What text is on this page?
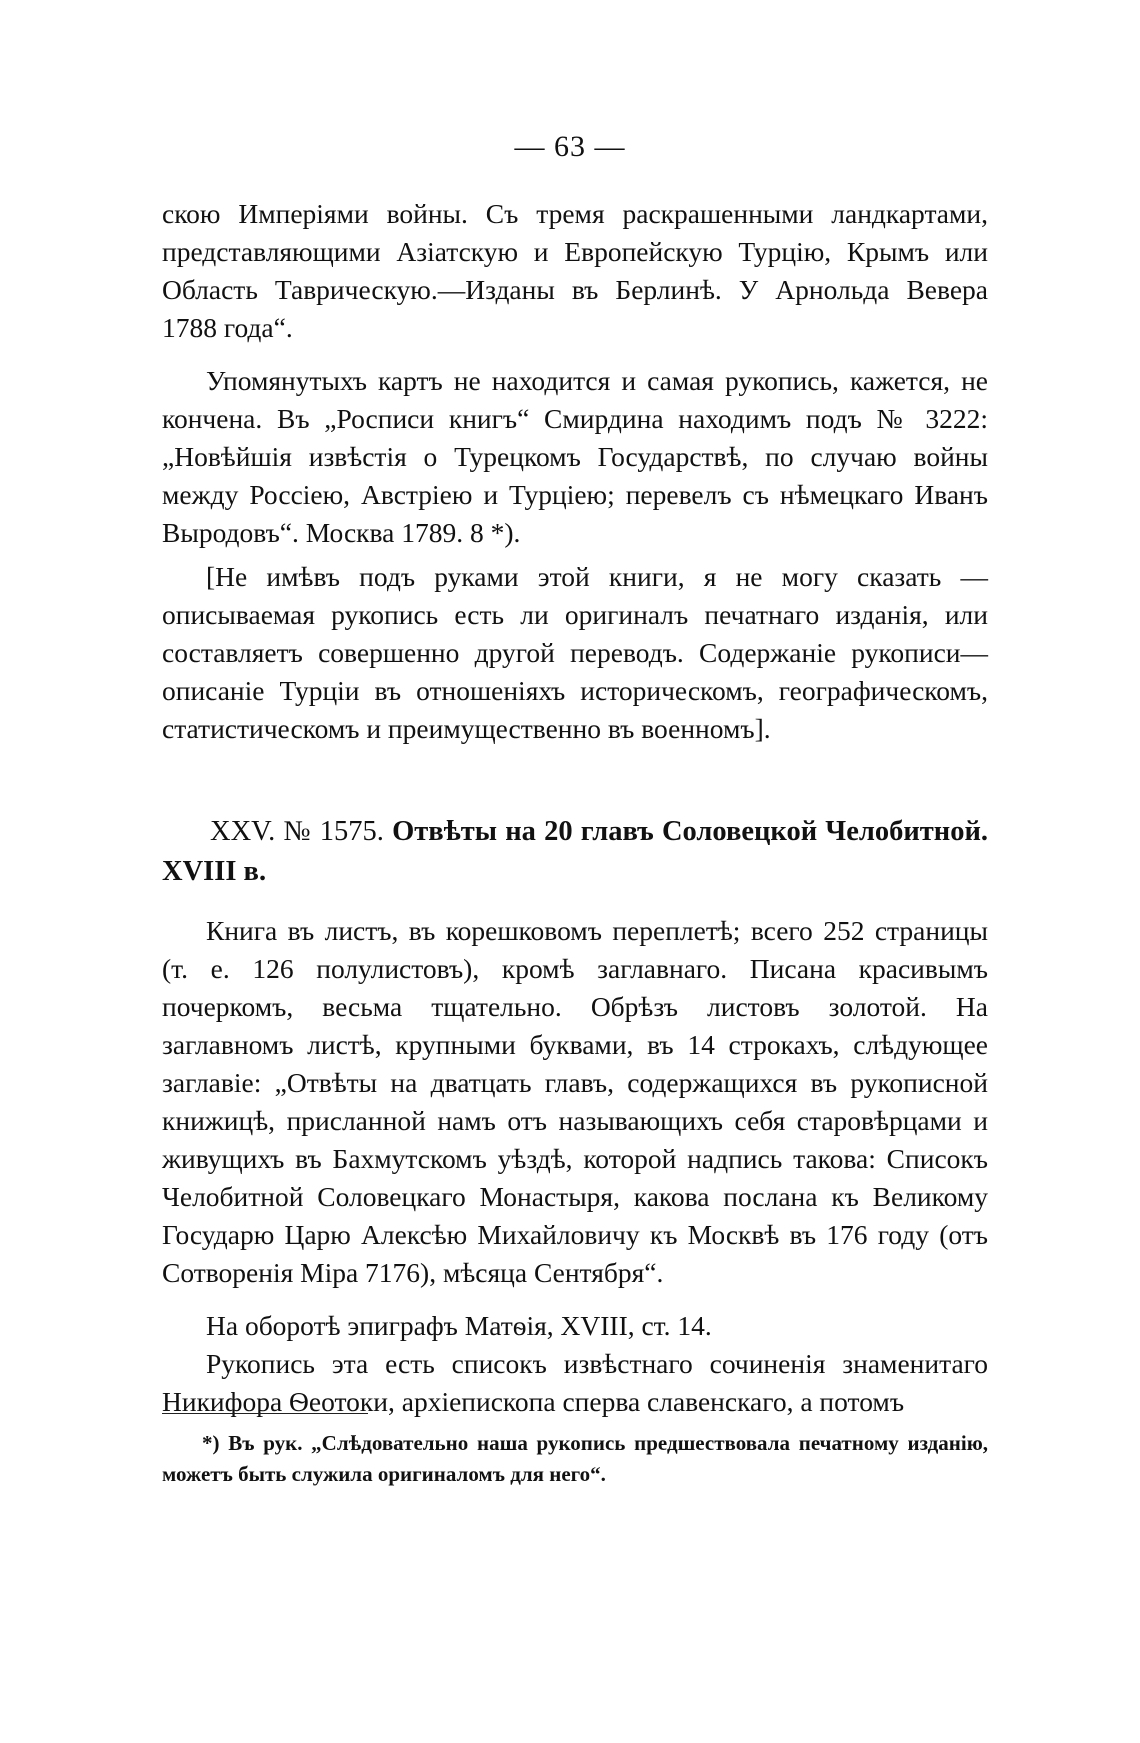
— 63 —

скою Имперіями войны. Съ тремя раскрашенными ландкартами, представляющими Азіатскую и Европейскую Турцію, Крымъ или Область Таврическую.—Изданы въ Берлинѣ. У Арнольда Вевера 1788 года“.

Упомянутыхъ картъ не находится и самая рукопись, кажется, не кончена. Въ „Росписи книгъ“ Смирдина находимъ подъ № 3222: „Новѣйшія извѣстія о Турецкомъ Государствѣ, по случаю войны между Россіею, Австріею и Турціею; перевелъ съ нѣмецкаго Иванъ Выродовъ“. Москва 1789. 8 *).

[Не имѣвъ подъ руками этой книги, я не могу сказать — описываемая рукопись есть ли оригиналъ печатнаго изданія, или составляетъ совершенно другой переводъ. Содержаніе рукописи— описаніе Турціи въ отношеніяхъ историческомъ, географическомъ, статистическомъ и преимущественно въ военномъ].

XXV. № 1575. Отвѣты на 20 главъ Соловецкой Челобитной. XVIII в.

Книга въ листъ, въ корешковомъ переплетѣ; всего 252 страницы (т. е. 126 полулистовъ), кромѣ заглавнаго. Писана красивымъ почеркомъ, весьма тщательно. Обрѣзъ листовъ золотой. На заглавномъ листѣ, крупными буквами, въ 14 строкахъ, слѣдующее заглавіе: „Отвѣты на дватцать главъ, содержащихся въ рукописной книжицѣ, присланной намъ отъ называющихъ себя старовѣрцами и живущихъ въ Бахмутскомъ уѣздѣ, которой надпись такова: Списокъ Челобитной Соловецкаго Монастыря, какова послана къ Великому Государю Царю Алексѣю Михайловичу къ Москвѣ въ 176 году (отъ Сотворенія Міра 7176), мѣсяца Сентября“.

На оборотѣ эпиграфъ Матѳія, XVIII, ст. 14.

Рукопись эта есть списокъ извѣстнаго сочиненія знаменитаго Никифора Ѳеотоки, архіепископа сперва славенскаго, а потомъ

*) Въ рук. „Слѣдовательно наша рукопись предшествовала печатному изданію, можетъ быть служила оригиналомъ для него“.
